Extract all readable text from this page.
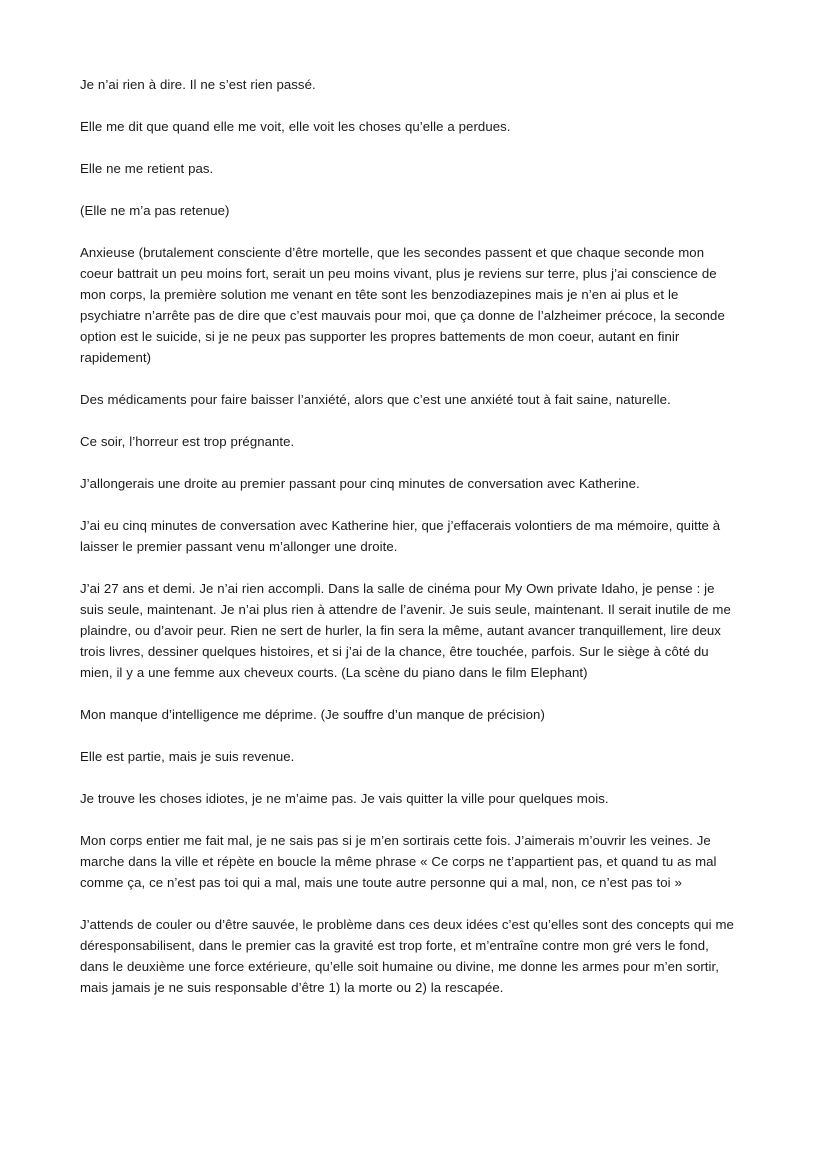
Je n’ai rien à dire. Il ne s’est rien passé.

Elle me dit que quand elle me voit, elle voit les choses qu’elle a perdues.

Elle ne me retient pas.

(Elle ne m’a pas retenue)

Anxieuse (brutalement consciente d’être mortelle, que les secondes passent et que chaque seconde mon coeur battrait un peu moins fort, serait un peu moins vivant, plus je reviens sur terre, plus j’ai conscience de mon corps, la première solution me venant en tête sont les benzodiazepines mais je n’en ai plus et le psychiatre n’arrête pas de dire que c’est mauvais pour moi, que ça donne de l’alzheimer précoce, la seconde option est le suicide, si je ne peux pas supporter les propres battements de mon coeur, autant en finir rapidement)

Des médicaments pour faire baisser l’anxiété, alors que c’est une anxiété tout à fait saine, naturelle.

Ce soir, l’horreur est trop prégnante.

J’allongerais une droite au premier passant pour cinq minutes de conversation avec Katherine.

J’ai eu cinq minutes de conversation avec Katherine hier, que j’effacerais volontiers de ma mémoire, quitte à laisser le premier passant venu m’allonger une droite.

J’ai 27 ans et demi. Je n’ai rien accompli. Dans la salle de cinéma pour My Own private Idaho, je pense : je suis seule, maintenant. Je n’ai plus rien à attendre de l’avenir. Je suis seule, maintenant. Il serait inutile de me plaindre, ou d’avoir peur. Rien ne sert de hurler, la fin sera la même, autant avancer tranquillement, lire deux trois livres, dessiner quelques histoires, et si j’ai de la chance, être touchée, parfois. Sur le siège à côté du mien, il y a une femme aux cheveux courts. (La scène du piano dans le film Elephant)

Mon manque d’intelligence me déprime. (Je souffre d’un manque de précision)

Elle est partie, mais je suis revenue.

Je trouve les choses idiotes, je ne m’aime pas. Je vais quitter la ville pour quelques mois.

Mon corps entier me fait mal, je ne sais pas si je m’en sortirais cette fois. J’aimerais m’ouvrir les veines. Je marche dans la ville et répète en boucle la même phrase « Ce corps ne t’appartient pas, et quand tu as mal comme ça, ce n’est pas toi qui a mal, mais une toute autre personne qui a mal, non, ce n’est pas toi »

J’attends de couler ou d’être sauvée, le problème dans ces deux idées c’est qu’elles sont des concepts qui me déresponsabilisent, dans le premier cas la gravité est trop forte, et m’entraîne contre mon gré vers le fond, dans le deuxième une force extérieure, qu’elle soit humaine ou divine, me donne les armes pour m’en sortir, mais jamais je ne suis responsable d’être 1) la morte ou 2) la rescapée.
